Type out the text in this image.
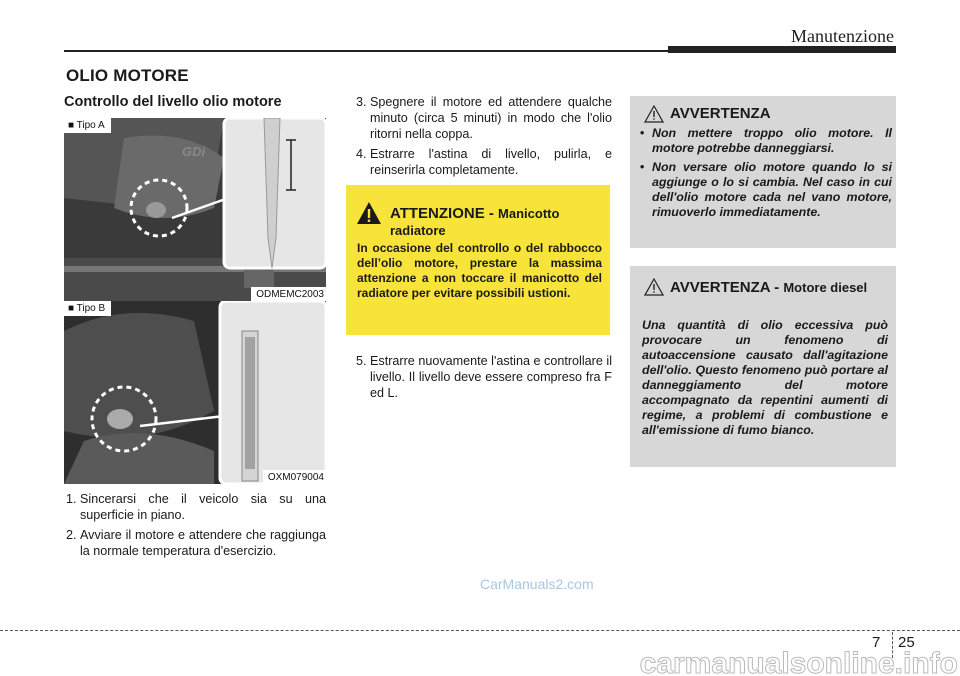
Manutenzione
OLIO MOTORE
Controllo del livello olio motore
GDi
■ Tipo A
ODMEMC2003
■ Tipo B
OXM079004
1. Sincerarsi che il veicolo sia su una superficie in piano.
2. Avviare il motore e attendere che raggiunga la normale temperatura d'esercizio.
3. Spegnere il motore ed attendere qualche minuto (circa 5 minuti) in modo che l'olio ritorni nella coppa.
4. Estrarre l'astina di livello, pulirla, e reinserirla completamente.
ATTENZIONE - Manicotto radiatore
In occasione del controllo o del rabbocco dell’olio motore, prestare la massima attenzione a non toccare il manicotto del radiatore per evitare possibili ustioni.
5. Estrarre nuovamente l'astina e controllare il livello. Il livello deve essere compreso fra F ed L.
AVVERTENZA
• Non mettere troppo olio motore. Il motore potrebbe danneggiarsi.
• Non versare olio motore quando lo si aggiunge o lo si cambia. Nel caso in cui dell'olio motore cada nel vano motore, rimuoverlo immediatamente.
AVVERTENZA - Motore diesel
Una quantità di olio eccessiva può provocare un fenomeno di autoaccensione causato dall'agitazione dell'olio. Questo fenomeno può portare al danneggiamento del motore accompagnato da repentini aumenti di regime, a problemi di combustione e all'emissione di fumo bianco.
CarManuals2.com
7 25
carmanualsonline.info
